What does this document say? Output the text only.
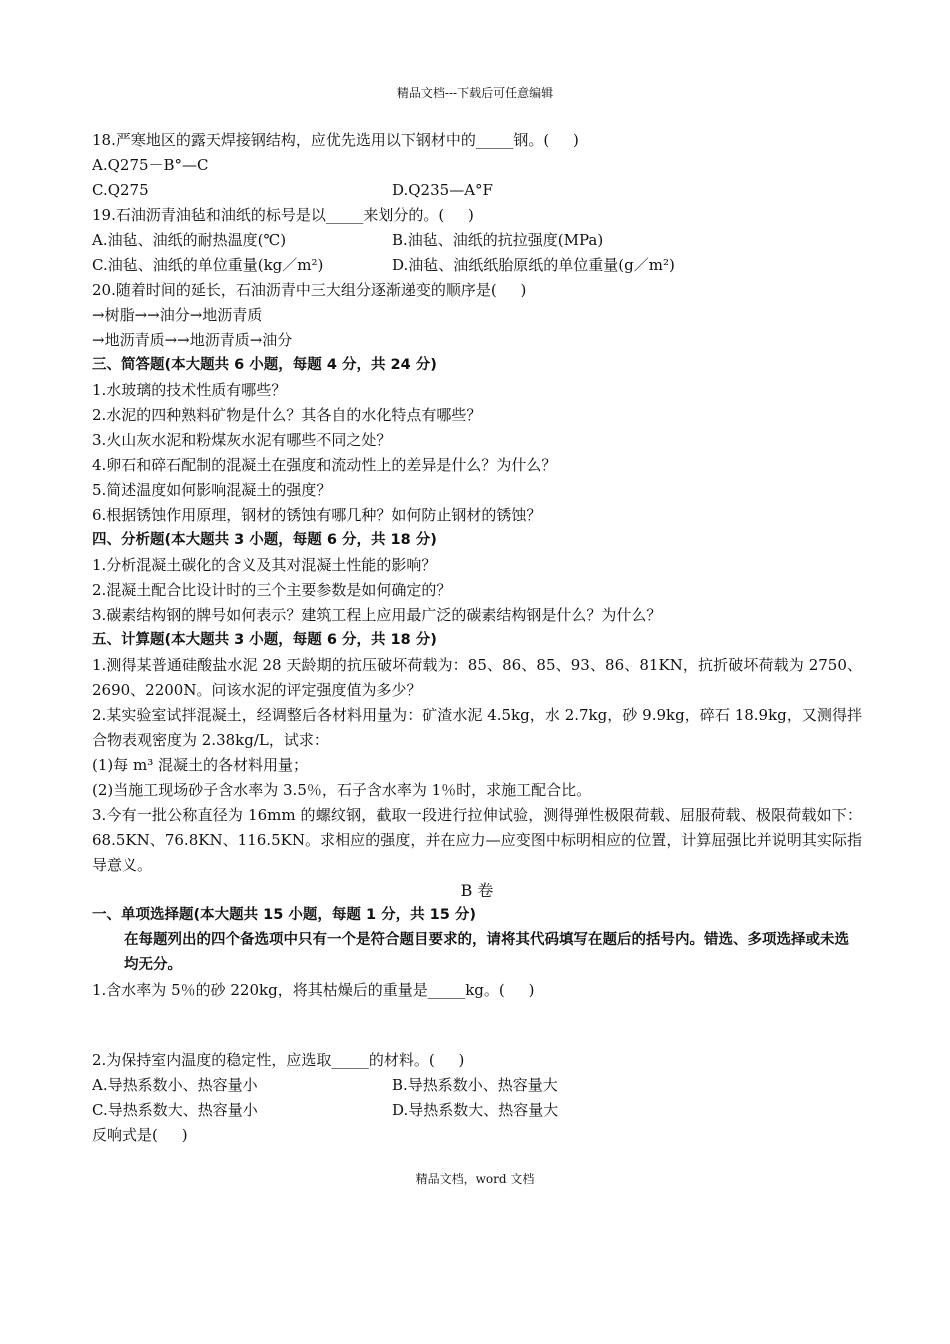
精品文档---下载后可任意编辑
18.严寒地区的露天焊接钢结构，应优先选用以下钢材中的_____钢。(     )
A.Q275－B°—C
C.Q275	D.Q235—A°F
19.石油沥青油毡和油纸的标号是以_____来划分的。(     )
A.油毡、油纸的耐热温度(℃)	B.油毡、油纸的抗拉强度(MPa)
C.油毡、油纸的单位重量(kg／m²)	D.油毡、油纸纸胎原纸的单位重量(g／m²)
20.随着时间的延长，石油沥青中三大组分逐渐递变的顺序是(     )
→树脂→→油分→地沥青质
→地沥青质→→地沥青质→油分
三、简答题(本大题共 6 小题，每题 4 分，共 24 分)
1.水玻璃的技术性质有哪些？
2.水泥的四种熟料矿物是什么？其各自的水化特点有哪些？
3.火山灰水泥和粉煤灰水泥有哪些不同之处？
4.卵石和碎石配制的混凝土在强度和流动性上的差异是什么？为什么？
5.简述温度如何影响混凝土的强度？
6.根据锈蚀作用原理，钢材的锈蚀有哪几种？如何防止钢材的锈蚀？
四、分析题(本大题共 3 小题，每题 6 分，共 18 分)
1.分析混凝土碳化的含义及其对混凝土性能的影响？
2.混凝土配合比设计时的三个主要参数是如何确定的？
3.碳素结构钢的牌号如何表示？建筑工程上应用最广泛的碳素结构钢是什么？为什么？
五、计算题(本大题共 3 小题，每题 6 分，共 18 分)
1.测得某普通硅酸盐水泥 28 天龄期的抗压破坏荷载为：85、86、85、93、86、81KN，抗折破坏荷载为 2750、2690、2200N。问该水泥的评定强度值为多少？
2.某实验室试拌混凝土，经调整后各材料用量为：矿渣水泥 4.5kg，水 2.7kg，砂 9.9kg，碎石 18.9kg，又测得拌合物表观密度为 2.38kg/L，试求：
(1)每 m³ 混凝土的各材料用量；
(2)当施工现场砂子含水率为 3.5％，石子含水率为 1％时，求施工配合比。
3.今有一批公称直径为 16mm 的螺纹钢，截取一段进行拉伸试验，测得弹性极限荷载、屈服荷载、极限荷载如下：68.5KN、76.8KN、116.5KN。求相应的强度，并在应力—应变图中标明相应的位置，计算屈强比并说明其实际指导意义。
B 卷
一、单项选择题(本大题共 15 小题，每题 1 分，共 15 分)
在每题列出的四个备选项中只有一个是符合题目要求的，请将其代码填写在题后的括号内。错选、多项选择或未选均无分。
1.含水率为 5％的砂 220kg，将其枯燥后的重量是_____kg。(     )
2.为保持室内温度的稳定性，应选取_____的材料。(     )
A.导热系数小、热容量小	B.导热系数小、热容量大
C.导热系数大、热容量小	D.导热系数大、热容量大
反响式是(     )
精品文档，word 文档
